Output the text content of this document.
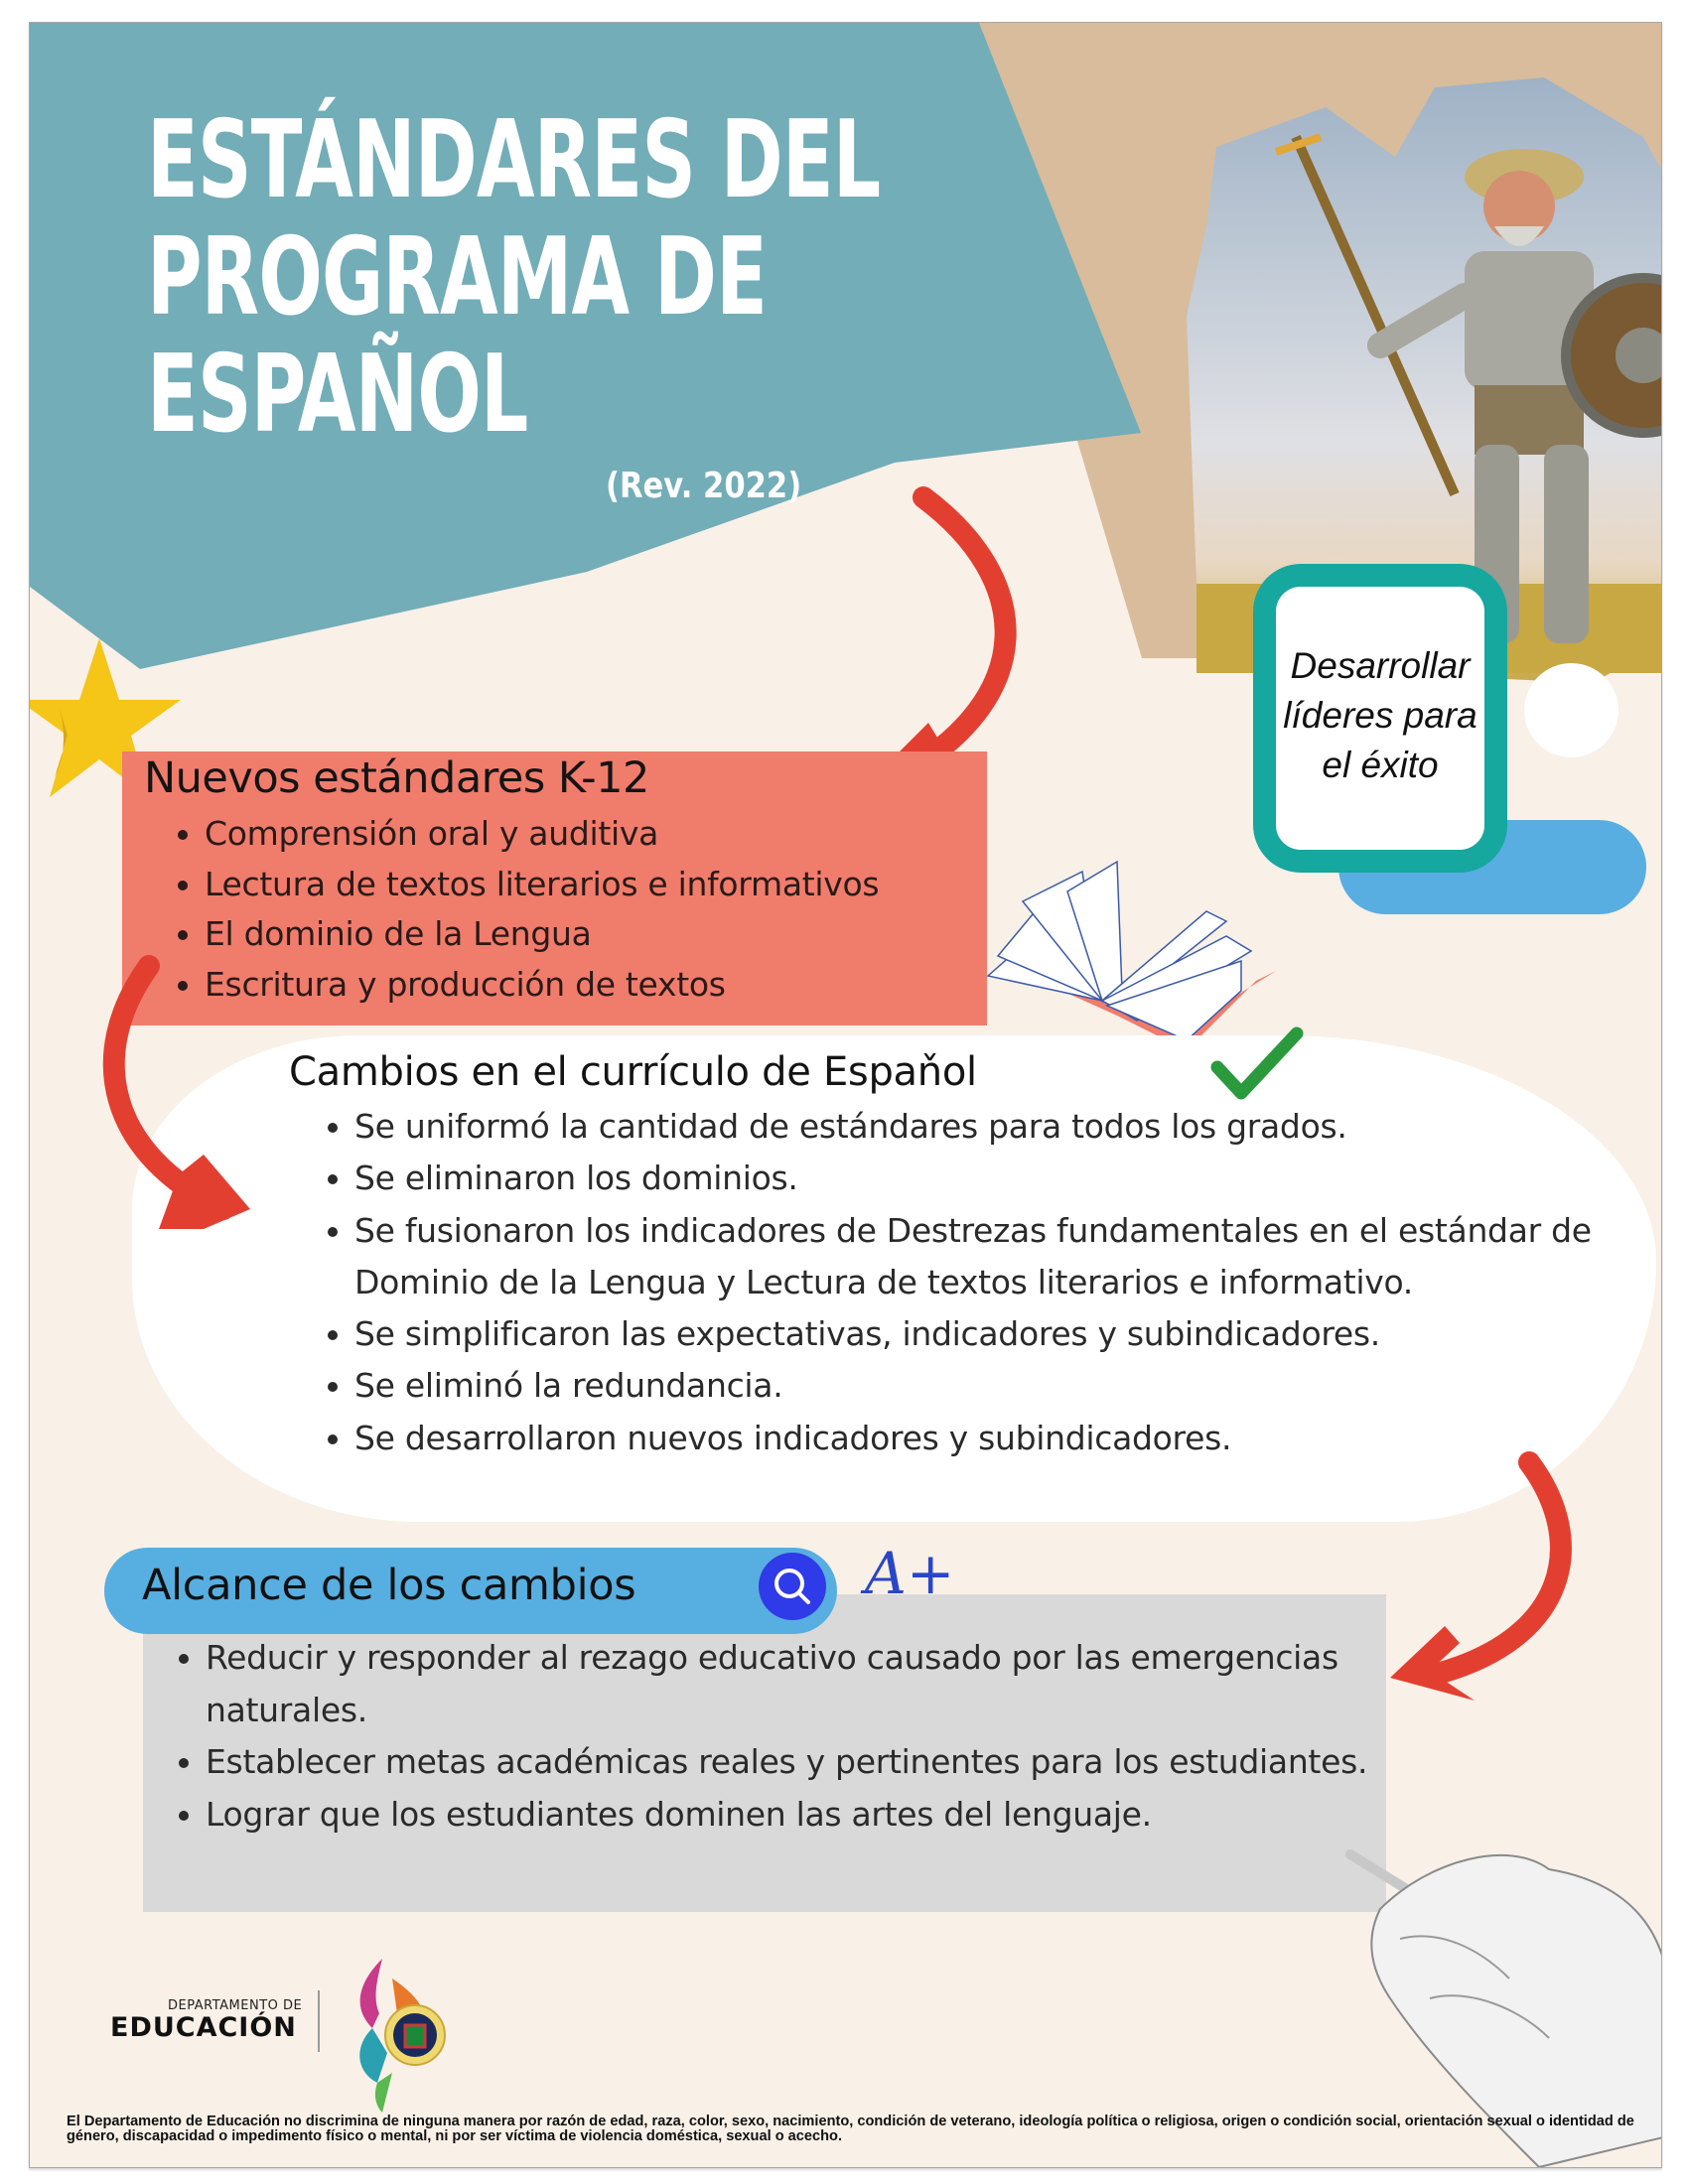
ESTÁNDARES DEL
PROGRAMA DE
ESPAÑOL
(Rev. 2022)
Desarrollar
líderes para
el éxito
Nuevos estándares K-12
• Comprensión oral y auditiva
• Lectura de textos literarios e informativos
• El dominio de la Lengua
• Escritura y producción de textos
Cambios en el currículo de Espaňol
• Se uniformó la cantidad de estándares para todos los grados.
• Se eliminaron los dominios.
• Se fusionaron los indicadores de Destrezas fundamentales en el estándar de Dominio de la Lengua y Lectura de textos literarios e informativo.
• Se simplificaron las expectativas, indicadores y subindicadores.
• Se eliminó la redundancia.
• Se desarrollaron nuevos indicadores y subindicadores.
Alcance de los cambios	A+
• Reducir y responder al rezago educativo causado por las emergencias naturales.
• Establecer metas académicas reales y pertinentes para los estudiantes.
• Lograr que los estudiantes dominen las artes del lenguaje.
DEPARTAMENTO DE
EDUCACIÓN
El Departamento de Educación no discrimina de ninguna manera por razón de edad, raza, color, sexo, nacimiento, condición de veterano, ideología política o religiosa, origen o condición social, orientación sexual o identidad de género, discapacidad o impedimento físico o mental, ni por ser víctima de violencia doméstica, sexual o acecho.
